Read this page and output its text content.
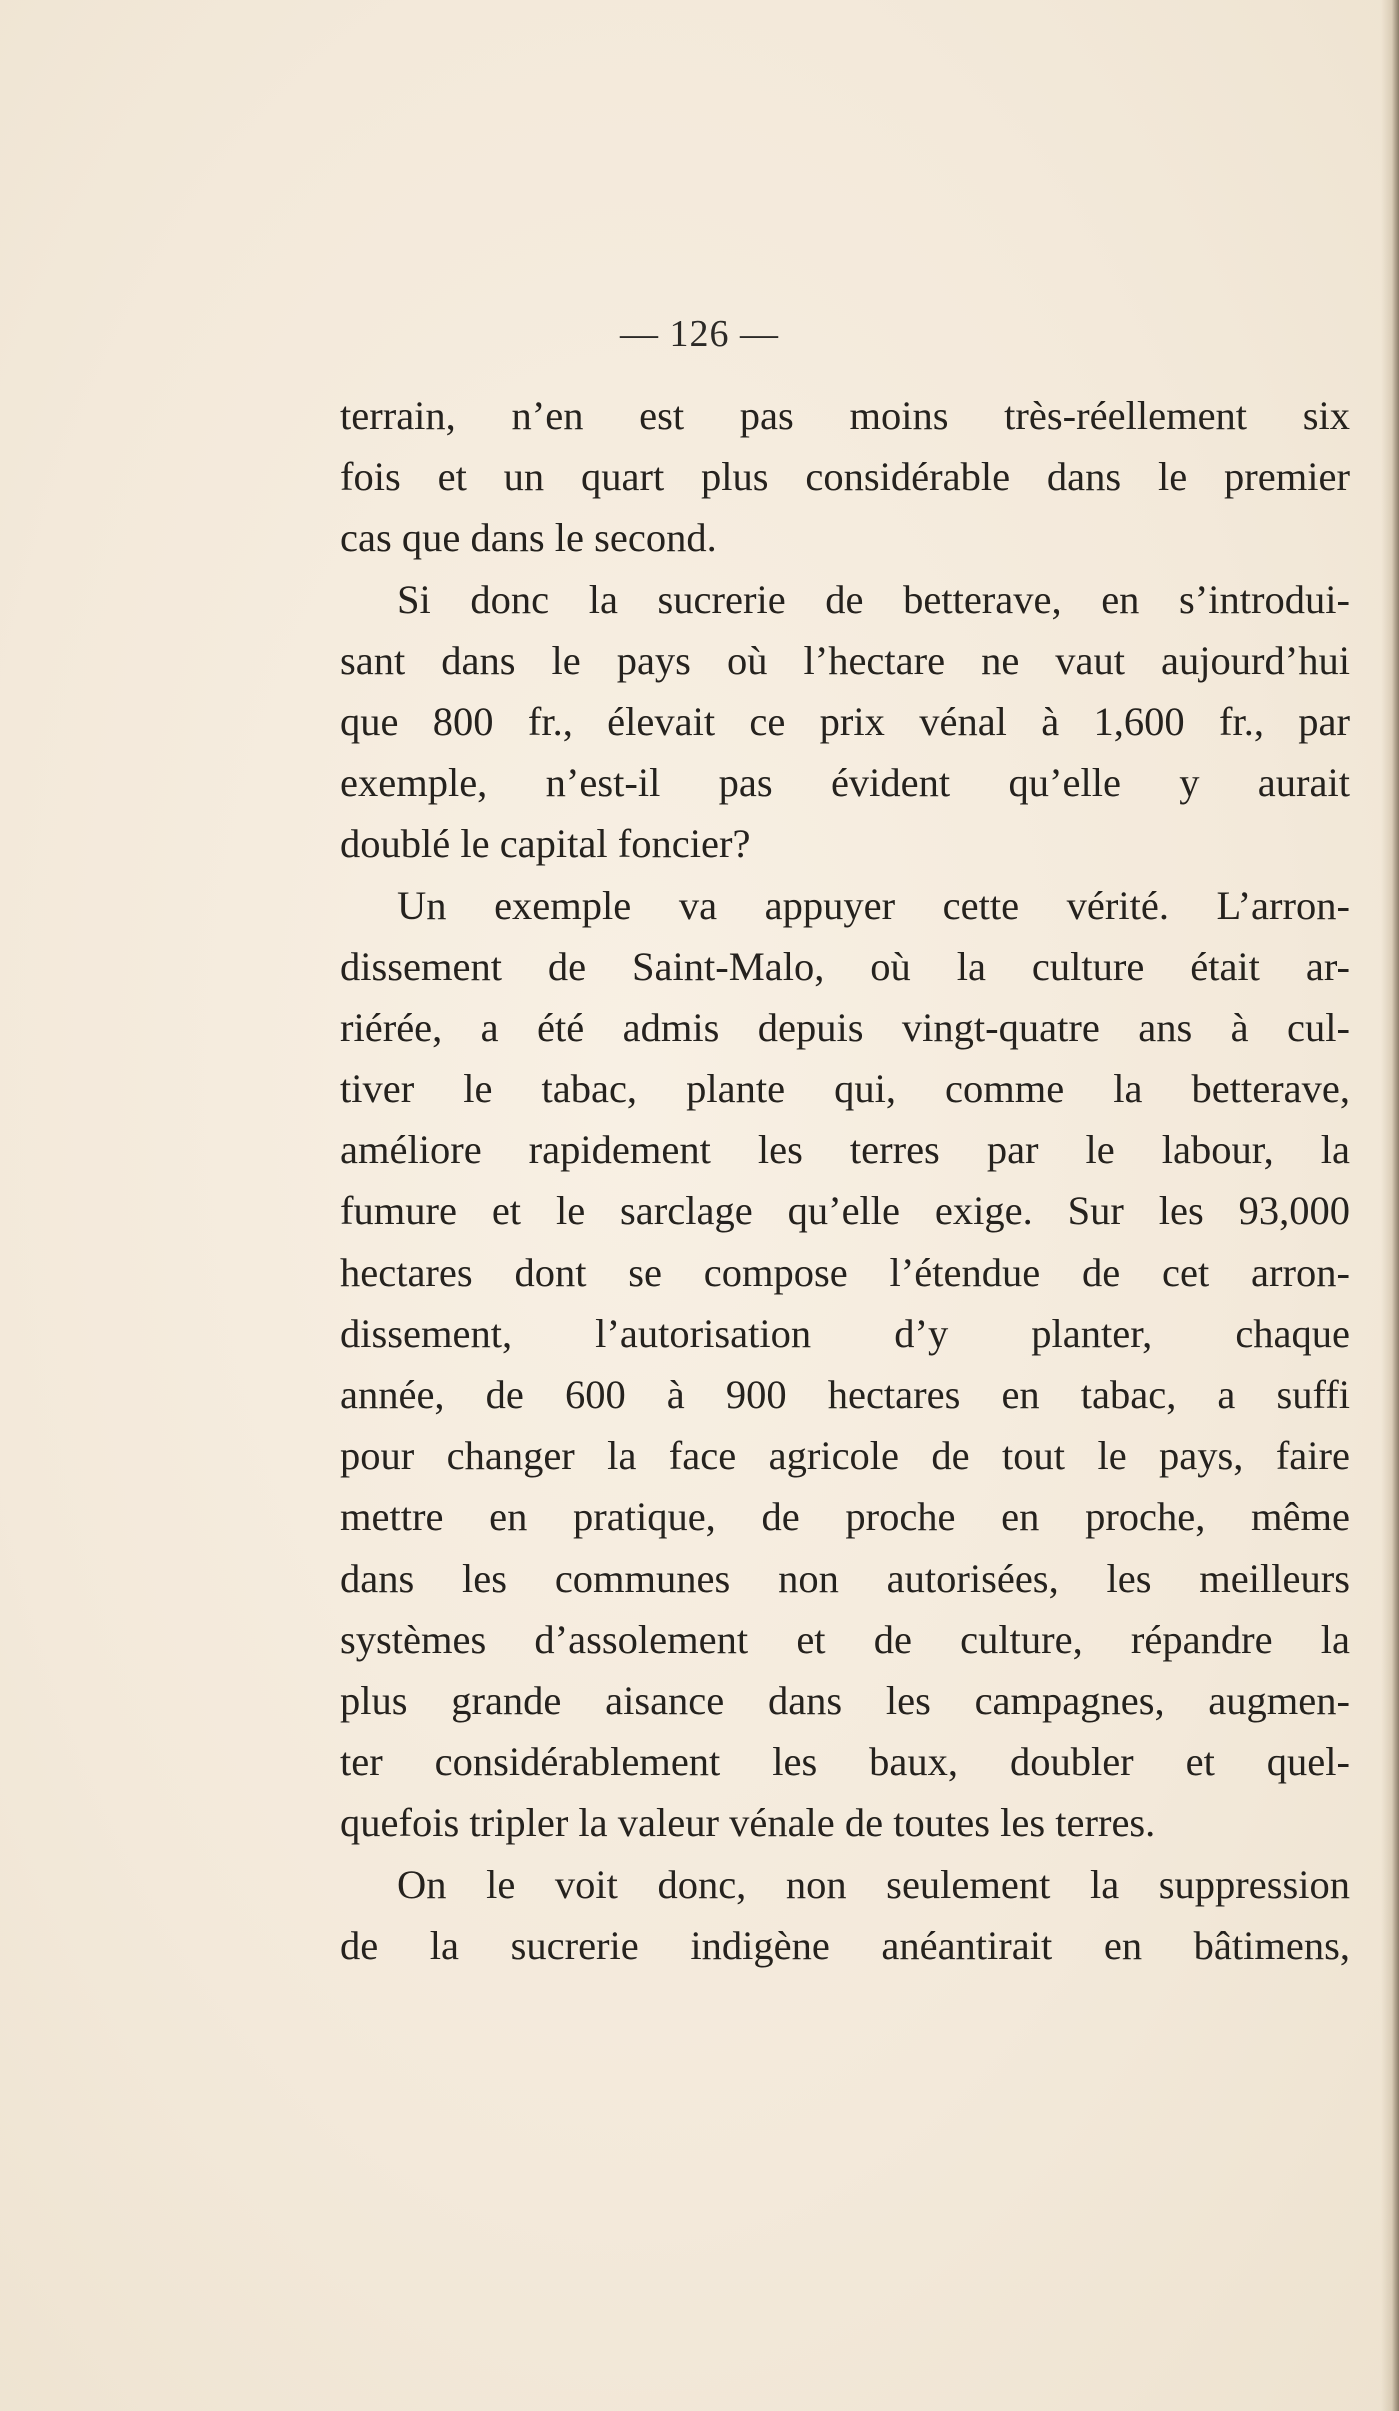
— 126 —
terrain, n’en est pas moins très-réellement six
fois et un quart plus considérable dans le premier
cas que dans le second.
Si donc la sucrerie de betterave, en s’introdui-
sant dans le pays où l’hectare ne vaut aujourd’hui
que 800 fr., élevait ce prix vénal à 1,600 fr., par
exemple, n’est-il pas évident qu’elle y aurait
doublé le capital foncier?
Un exemple va appuyer cette vérité. L’arron-
dissement de Saint-Malo, où la culture était ar-
riérée, a été admis depuis vingt-quatre ans à cul-
tiver le tabac, plante qui, comme la betterave,
améliore rapidement les terres par le labour, la
fumure et le sarclage qu’elle exige. Sur les 93,000
hectares dont se compose l’étendue de cet arron-
dissement, l’autorisation d’y planter, chaque
année, de 600 à 900 hectares en tabac, a suffi
pour changer la face agricole de tout le pays, faire
mettre en pratique, de proche en proche, même
dans les communes non autorisées, les meilleurs
systèmes d’assolement et de culture, répandre la
plus grande aisance dans les campagnes, augmen-
ter considérablement les baux, doubler et quel-
quefois tripler la valeur vénale de toutes les terres.
On le voit donc, non seulement la suppression
de la sucrerie indigène anéantirait en bâtimens,
